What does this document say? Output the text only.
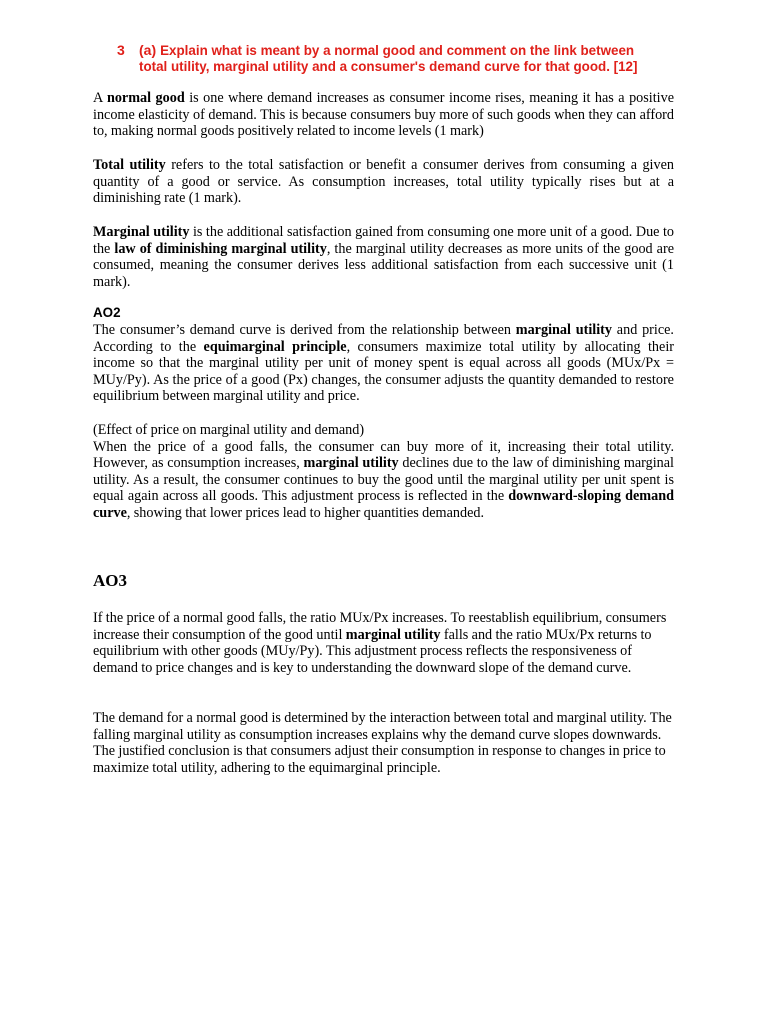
3	(a) Explain what is meant by a normal good and comment on the link between
total utility, marginal utility and a consumer's demand curve for that good. [12]
A normal good is one where demand increases as consumer income rises, meaning it has a positive income elasticity of demand. This is because consumers buy more of such goods when they can afford to, making normal goods positively related to income levels (1 mark)
Total utility refers to the total satisfaction or benefit a consumer derives from consuming a given quantity of a good or service. As consumption increases, total utility typically rises but at a diminishing rate (1 mark).
Marginal utility is the additional satisfaction gained from consuming one more unit of a good. Due to the law of diminishing marginal utility, the marginal utility decreases as more units of the good are consumed, meaning the consumer derives less additional satisfaction from each successive unit (1 mark).
AO2
The consumer’s demand curve is derived from the relationship between marginal utility and price. According to the equimarginal principle, consumers maximize total utility by allocating their income so that the marginal utility per unit of money spent is equal across all goods (MUx/Px = MUy/Py). As the price of a good (Px) changes, the consumer adjusts the quantity demanded to restore equilibrium between marginal utility and price.
(Effect of price on marginal utility and demand)
When the price of a good falls, the consumer can buy more of it, increasing their total utility. However, as consumption increases, marginal utility declines due to the law of diminishing marginal utility. As a result, the consumer continues to buy the good until the marginal utility per unit spent is equal again across all goods. This adjustment process is reflected in the downward-sloping demand curve, showing that lower prices lead to higher quantities demanded.
AO3
If the price of a normal good falls, the ratio MUx/Px increases. To reestablish equilibrium, consumers increase their consumption of the good until marginal utility falls and the ratio MUx/Px returns to equilibrium with other goods (MUy/Py). This adjustment process reflects the responsiveness of demand to price changes and is key to understanding the downward slope of the demand curve.
The demand for a normal good is determined by the interaction between total and marginal utility. The falling marginal utility as consumption increases explains why the demand curve slopes downwards. The justified conclusion is that consumers adjust their consumption in response to changes in price to maximize total utility, adhering to the equimarginal principle.
